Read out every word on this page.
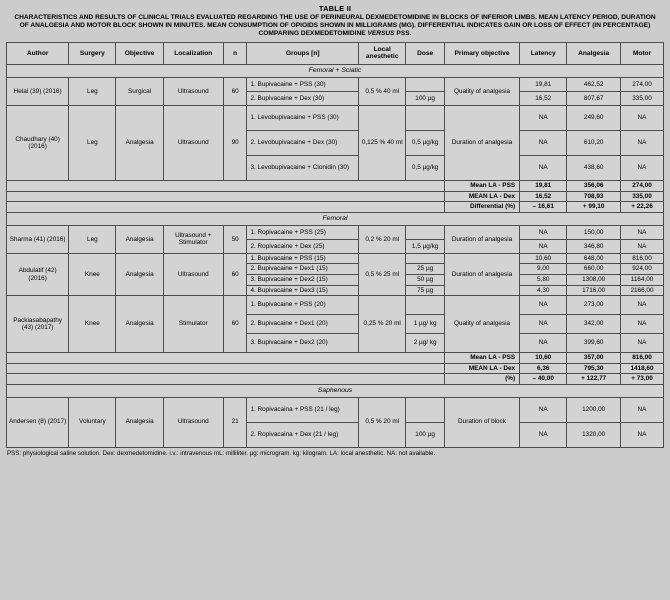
TABLE II
CHARACTERISTICS AND RESULTS OF CLINICAL TRIALS EVALUATED REGARDING THE USE OF PERINEURAL DEXMEDETOMIDINE IN BLOCKS OF INFERIOR LIMBS. MEAN LATENCY PERIOD, DURATION OF ANALGESIA AND MOTOR BLOCK SHOWN IN MINUTES. MEAN CONSUMPTION OF OPIOIDS SHOWN IN MILLIGRAMS (MG). DIFFERENTIAL INDICATES GAIN OR LOSS OF EFFECT (IN PERCENTAGE) COMPARING DEXMEDETOMIDINE VERSUS PSS.
Author	Surgery	Objective	Localization	n	Groups [n]	Local anesthetic	Dose	Primary objective	Latency	Analgesia	Motor
Femoral + Sciatic											
Helal (39) (2016)	Leg	Surgical	Ultrasound	60	1. Bupivacaine + PSS (30)	0,5 % 40 ml		Quality of analgesia	19,81	462,52	274,00
					2. Bupivacaine + Dex (30)		100 µg		16,52	807,67	335,00
Chaudhary (40) (2016)	Leg	Analgesia	Ultrasound	90	1. Levobupivacaine + PSS (30)	0,125 % 40 ml		Duration of analgesia	NA	249,60	NA
					2. Levobupivacaine + Dex (30)		0,5 µg/kg		NA	610,20	NA
					3. Levobupivacaine + Clonidin (30)		0,5 µg/kg		NA	438,60	NA
								Mean LA - PSS	19,81	356,06	274,00
								MEAN LA - Dex	16,52	708,93	335,00
								Differential (%)	– 16,61	+ 99,10	+ 22,26
Femoral											
Sharma (41) (2016)	Leg	Analgesia	Ultrasound + Stimulator	50	1. Ropivacaine + PSS (25)	0,2 % 20 ml		Duration of analgesia	NA	150,00	NA
					2. Ropivacaine + Dex (25)		1,5 µg/kg		NA	346,80	NA
Abdulatif (42) (2016)	Knee	Analgesia	Ultrasound	60	1. Bupivacaine + PSS (15)	0,5 % 25 ml		Duration of analgesia	10,60	648,00	816,00
					2. Bupivacaine + Dex1 (15)		25 µg		9,00	660,00	924,00
					3. Bupivacaine + Dex2 (15)		50 µg		5,80	1308,00	1164,00
					4. Bupivacaine + Dex3 (15)		75 µg		4,30	1716,00	2166,00
Packiasabapathy (43) (2017)	Knee	Analgesia	Stimulator	60	1. Bupivacaine + PSS (20)	0,25 % 20 ml		Quality of analgesia	NA	273,00	NA
					2. Bupivacaine + Dex1 (20)		1 µg/ kg		NA	342,00	NA
					3. Bupivacaine + Dex2 (20)		2 µg/ kg		NA	399,60	NA
								Mean LA - PSS	10,60	357,00	816,00
								MEAN LA - Dex	6,36	795,30	1418,60
								(%)	– 40,00	+ 122,77	+ 73,00
Saphenous											
Andersen (8) (2017)	Voluntary	Analgesia	Ultrasound	21	1. Ropivacaina + PSS (21 / leg)	0,5 % 20 ml		Duration of block	NA	1200,00	NA
					2. Ropivacaina + Dex (21 / leg)		100 µg		NA	1320,00	NA
PSS: physiological saline solution. Dex: dexmedetomidine. i.v.: intravenous mL: milliliter. µg: microgram. kg: kilogram. LA: local anesthetic. NA: not available.
